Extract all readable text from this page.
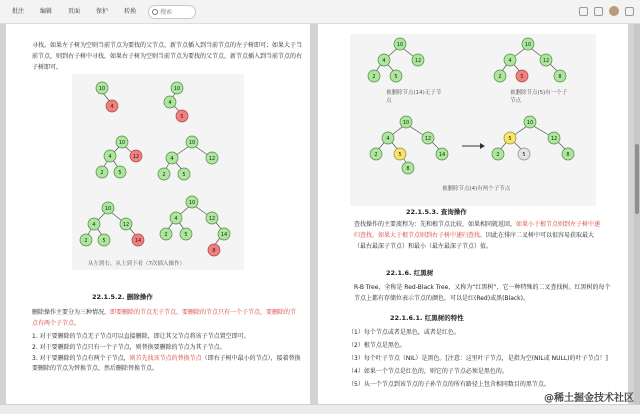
批注	编辑	页面	保护	转换	搜索
寻找。如果左子树为空则当前节点为要找的父节点，新节点插入到当前节点的左子树即可；如果大于当前节点，则到右子树中寻找，如果右子树为空则当前节点为要找的父节点，新节点插入到当前节点的右子树即可。
10
4
10
4
5
10
4	12
2	5
10
4	12
2	5
10
4	12
2	5	14
10
4	12
2	5	14
8
从左到右，从上到下看（7次插入操作）
22.1.5.2. 删除操作
删除操作主要分为三种情况，即要删除的节点无子节点，要删除的节点只有一个子节点，要删除的节点有两个子节点。
1. 对于要删除的节点无子节点可以直接删除，即让其父节点将该子节点置空即可。
2. 对于要删除的节点只有一个子节点，则替换要删除的节点为其子节点。
3. 对于要删除的节点有两个子节点，则首先找该节点的替换节点（即右子树中最小的节点），接着替换要删除的节点为替换节点，然后删除替换节点。
10
4	12
2	5
10
4	12
2	5	8
10
4	12
2	5	14
8
10
5	12
2	5	8
被删除节点(14)无子节点
被删除节点(5)有一个子节点
被删除节点(4)有两个子节点
22.1.5.3. 查询操作
查找操作的主要流程为：先和根节点比较，如果相同就返回，如果小于根节点则到左子树中递归查找，如果大于根节点则到右子树中递归查找。因此在排序二叉树中可以很容易获取最大（最右最深子节点）和最小（最左最深子节点）值。
22.1.6. 红黑树
R-B Tree，全称是 Red-Black Tree，又称为“红黑树”，它一种特殊的二叉查找树。红黑树的每个节点上都有存储位表示节点的颜色，可以是红(Red)或黑(Black)。
22.1.6.1. 红黑树的特性
（1）每个节点或者是黑色，或者是红色。
（2）根节点是黑色。
（3）每个叶子节点（NIL）是黑色。[注意：这里叶子节点，是指为空(NIL或 NULL)的叶子节点！]
（4）如果一个节点是红色的，则它的子节点必须是黑色的。
（5）从一个节点到该节点的子孙节点的所有路径上包含相同数目的黑节点。
@稀土掘金技术社区
